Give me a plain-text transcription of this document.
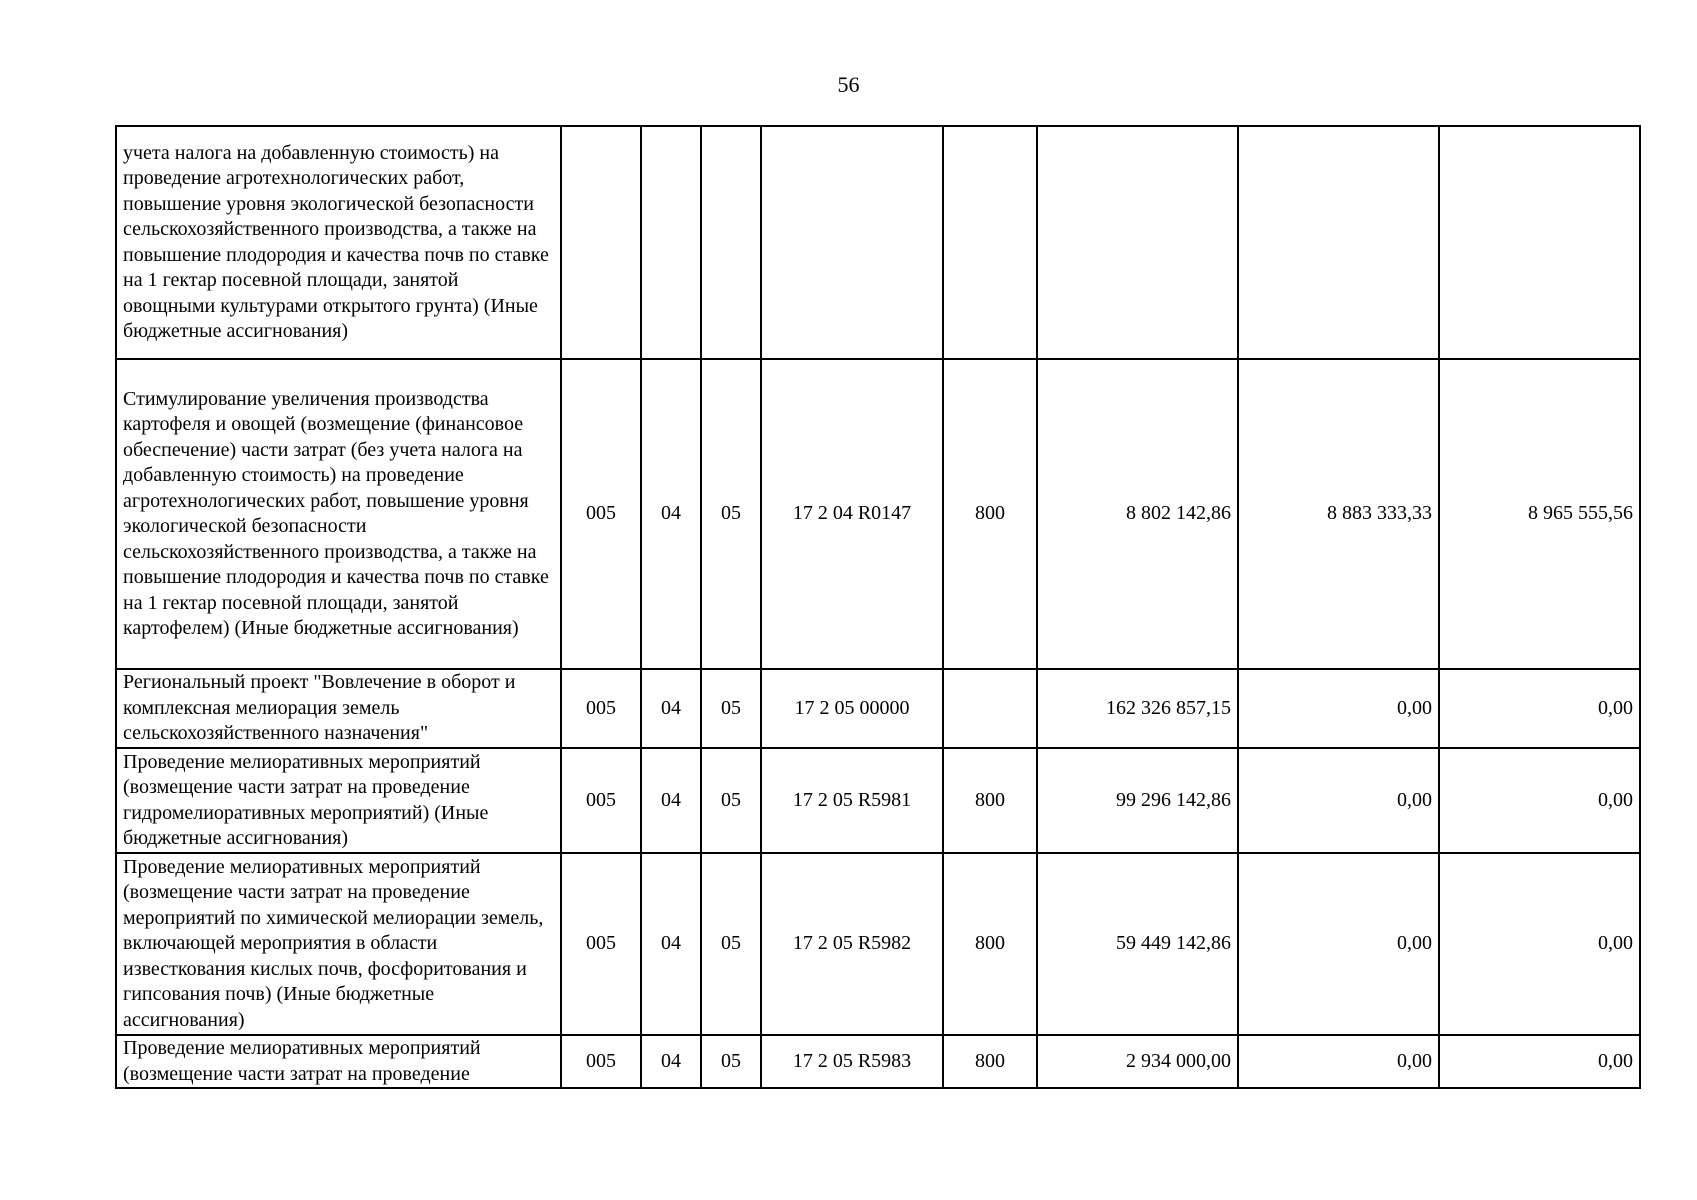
56
учета налога на добавленную стоимость) на проведение агротехнологических работ, повышение уровня экологической безопасности сельскохозяйственного производства, а также на повышение плодородия и качества почв по ставке на 1 гектар посевной площади, занятой овощными культурами открытого грунта) (Иные бюджетные ассигнования)								
Стимулирование увеличения производства картофеля и овощей (возмещение (финансовое обеспечение) части затрат (без учета налога на добавленную стоимость) на проведение агротехнологических работ, повышение уровня экологической безопасности сельскохозяйственного производства, а также на повышение плодородия и качества почв по ставке на 1 гектар посевной площади, занятой картофелем) (Иные бюджетные ассигнования)	005	04	05	17 2 04 R0147	800	8 802 142,86	8 883 333,33	8 965 555,56
Региональный проект "Вовлечение в оборот и комплексная мелиорация земель сельскохозяйственного назначения"	005	04	05	17 2 05 00000		162 326 857,15	0,00	0,00
Проведение мелиоративных мероприятий (возмещение части затрат на проведение гидромелиоративных мероприятий) (Иные бюджетные ассигнования)	005	04	05	17 2 05 R5981	800	99 296 142,86	0,00	0,00
Проведение мелиоративных мероприятий (возмещение части затрат на проведение мероприятий по химической мелиорации земель, включающей мероприятия в области известкования кислых почв, фосфоритования и гипсования почв) (Иные бюджетные ассигнования)	005	04	05	17 2 05 R5982	800	59 449 142,86	0,00	0,00
Проведение мелиоративных мероприятий (возмещение части затрат на проведение	005	04	05	17 2 05 R5983	800	2 934 000,00	0,00	0,00
